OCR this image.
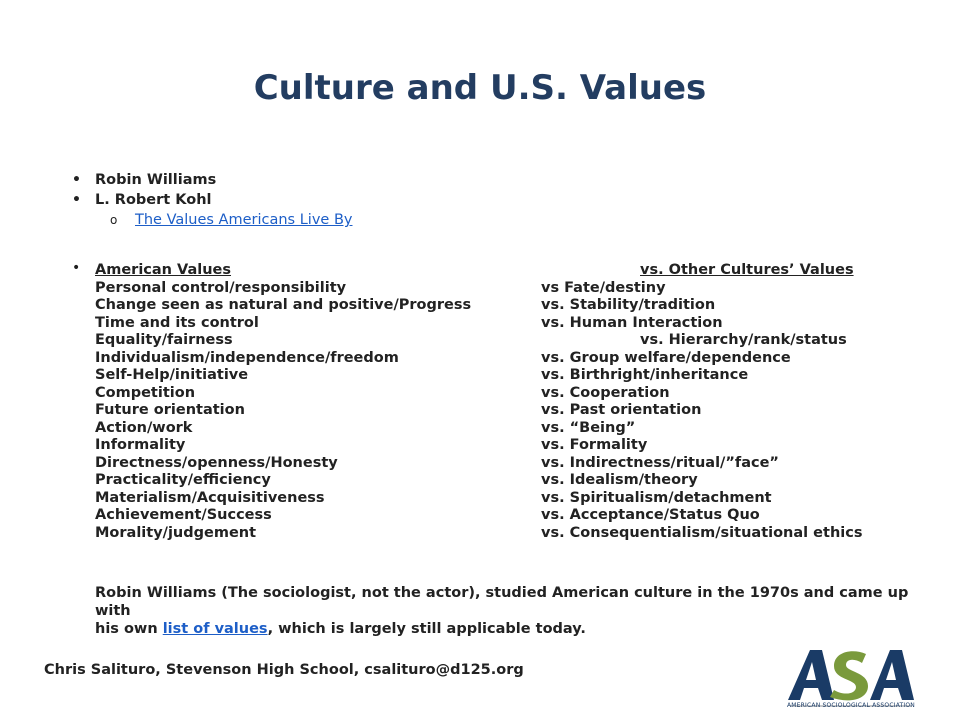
Culture and U.S. Values
• Robin Williams
• L. Robert Kohl
o The Values Americans Live By
• American Values	vs. Other Cultures’ Values
Personal control/responsibility	vs Fate/destiny
Change seen as natural and positive/Progress	vs. Stability/tradition
Time and its control	vs. Human Interaction
Equality/fairness	vs. Hierarchy/rank/status
Individualism/independence/freedom	vs. Group welfare/dependence
Self-Help/initiative	vs. Birthright/inheritance
Competition	vs. Cooperation
Future orientation	vs. Past orientation
Action/work	vs. “Being”
Informality	vs. Formality
Directness/openness/Honesty	vs. Indirectness/ritual/”face”
Practicality/efficiency	vs. Idealism/theory
Materialism/Acquisitiveness	vs. Spiritualism/detachment
Achievement/Success	vs. Acceptance/Status Quo
Morality/judgement	vs. Consequentialism/situational ethics
Robin Williams (The sociologist, not the actor), studied American culture in the 1970s and came up with
his own list of values, which is largely still applicable today.
Chris Salituro, Stevenson High School, csalituro@d125.org
AMERICAN SOCIOLOGICAL ASSOCIATION
